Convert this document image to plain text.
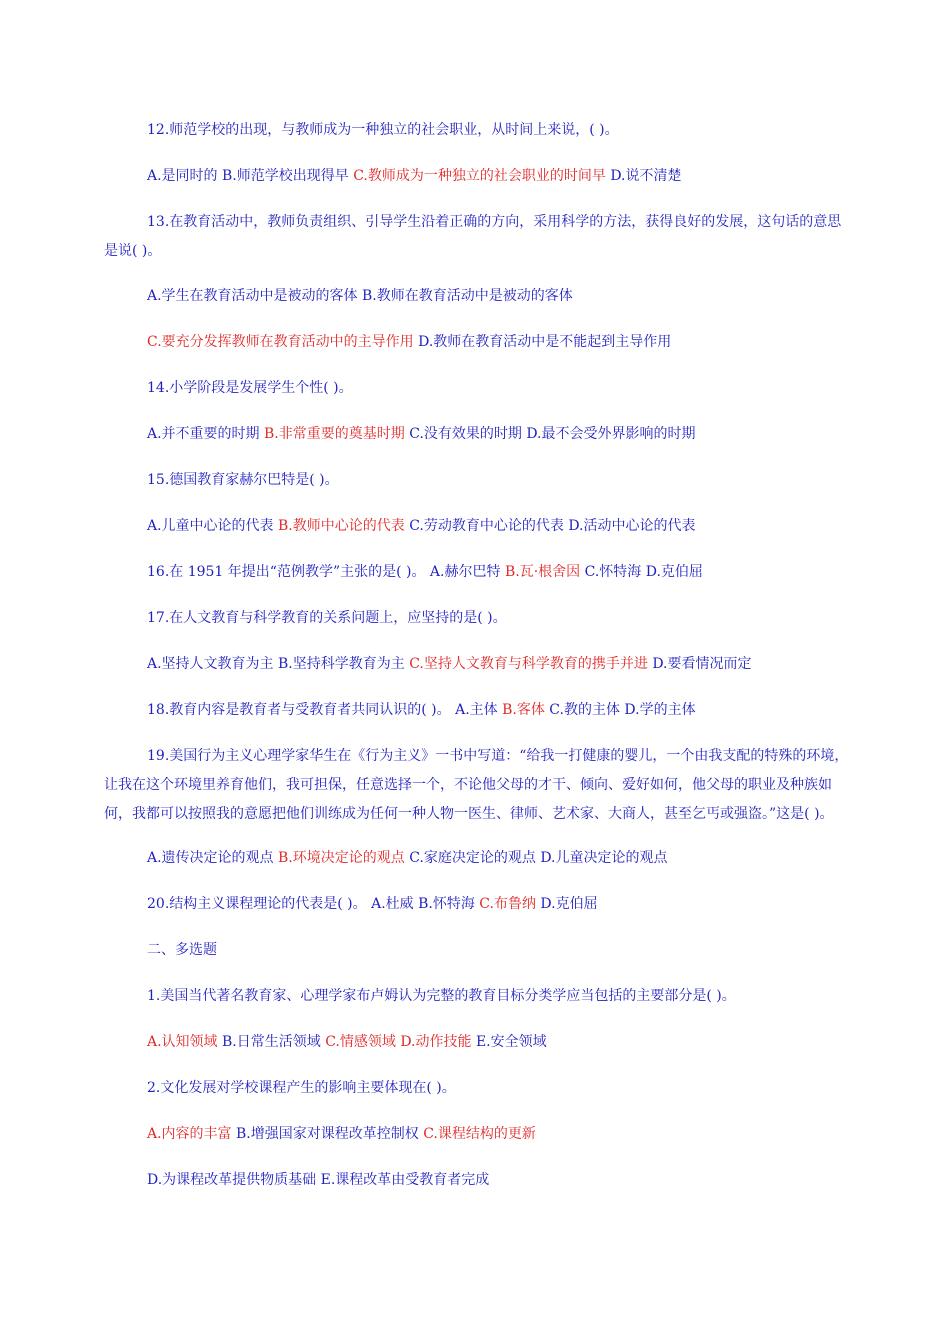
12.师范学校的出现，与教师成为一种独立的社会职业，从时间上来说，( )。
A.是同时的 B.师范学校出现得早 C.教师成为一种独立的社会职业的时间早 D.说不清楚
13.在教育活动中，教师负责组织、引导学生沿着正确的方向，采用科学的方法，获得良好的发展，这句话的意思是说( )。
A.学生在教育活动中是被动的客体 B.教师在教育活动中是被动的客体
C.要充分发挥教师在教育活动中的主导作用 D.教师在教育活动中是不能起到主导作用
14.小学阶段是发展学生个性( )。
A.并不重要的时期 B.非常重要的奠基时期 C.没有效果的时期 D.最不会受外界影响的时期
15.德国教育家赫尔巴特是( )。
A.儿童中心论的代表 B.教师中心论的代表 C.劳动教育中心论的代表 D.活动中心论的代表
16.在 1951 年提出“范例教学”主张的是( )。 A.赫尔巴特 B.瓦·根舍因 C.怀特海 D.克伯屈
17.在人文教育与科学教育的关系问题上，应坚持的是( )。
A.坚持人文教育为主 B.坚持科学教育为主 C.坚持人文教育与科学教育的携手并进 D.要看情况而定
18.教育内容是教育者与受教育者共同认识的( )。 A.主体 B.客体 C.教的主体 D.学的主体
19.美国行为主义心理学家华生在《行为主义》一书中写道：“给我一打健康的婴儿，一个由我支配的特殊的环境，让我在这个环境里养育他们，我可担保，任意选择一个，不论他父母的才干、倾向、爱好如何，他父母的职业及种族如何，我都可以按照我的意愿把他们训练成为任何一种人物一医生、律师、艺术家、大商人，甚至乞丐或强盗。”这是( )。
A.遗传决定论的观点 B.环境决定论的观点 C.家庭决定论的观点 D.儿童决定论的观点
20.结构主义课程理论的代表是( )。 A.杜威 B.怀特海 C.布鲁纳 D.克伯屈
二、多选题
1.美国当代著名教育家、心理学家布卢姆认为完整的教育目标分类学应当包括的主要部分是( )。
A.认知领域 B.日常生活领域 C.情感领域 D.动作技能 E.安全领域
2.文化发展对学校课程产生的影响主要体现在( )。
A.内容的丰富 B.增强国家对课程改革控制权 C.课程结构的更新
D.为课程改革提供物质基础 E.课程改革由受教育者完成
